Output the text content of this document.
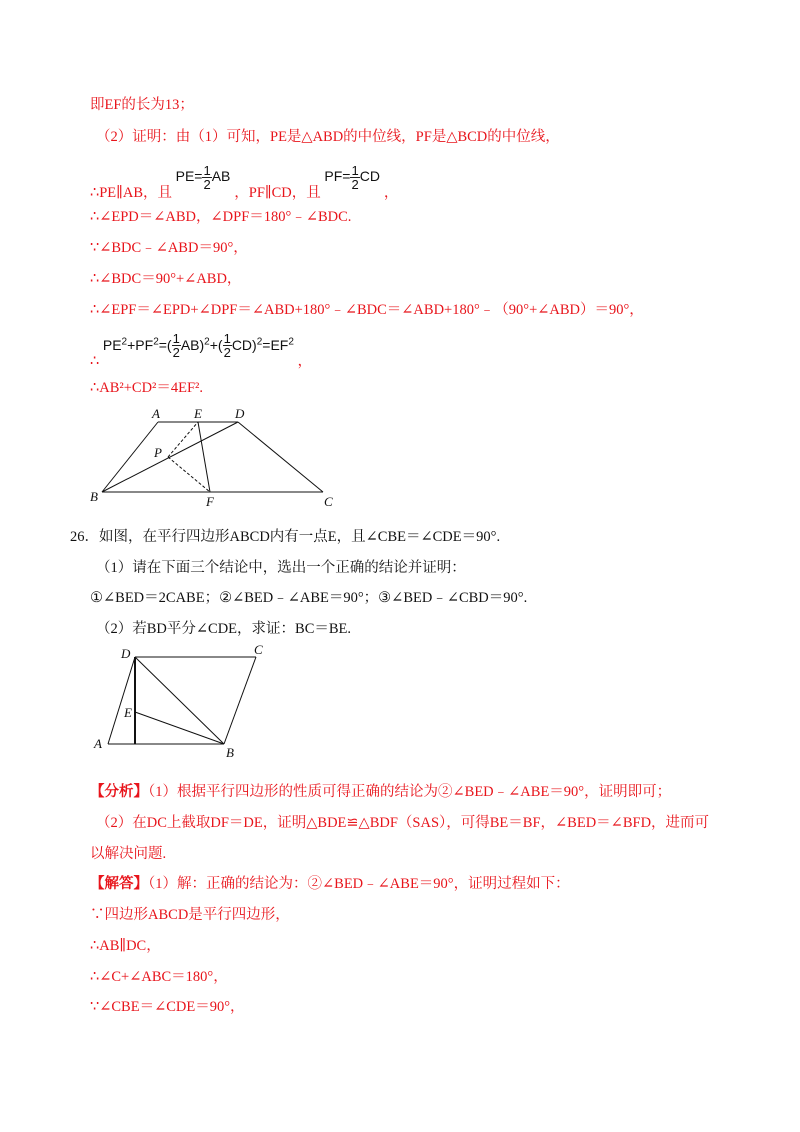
即EF的长为13；
（2）证明：由（1）可知，PE是△ABD的中位线，PF是△BCD的中位线，
∴PE∥AB，且 $PE= \frac{1}{2}$ AB ，PF∥CD，且 $PF= \frac{1}{2}$ CD ，
∴∠EPD＝∠ABD，∠DPF＝180°﹣∠BDC.
∵∠BDC﹣∠ABD＝90°，
∴∠BDC＝90°+∠ABD，
∴∠EPF＝∠EPD+∠DPF＝∠ABD+180°﹣∠BDC＝∠ABD+180°﹣（90°+∠ABD）＝90°，
∴ $PE^2+PF^2=( \frac{1}{2} AB)^2+( \frac{1}{2} CD)^2=EF^2$ ，
∴AB²+CD²＝4EF².
A	E	D
P
B	F	C
26．如图，在平行四边形ABCD内有一点E，且∠CBE＝∠CDE＝90°.
（1）请在下面三个结论中，选出一个正确的结论并证明：
①∠BED＝2CABE；②∠BED﹣∠ABE＝90°；③∠BED﹣∠CBD＝90°.
（2）若BD平分∠CDE，求证：BC＝BE.
D	C
E
A
B
【分析】（1）根据平行四边形的性质可得正确的结论为②∠BED﹣∠ABE＝90°，证明即可；
（2）在DC上截取DF＝DE，证明△BDE≌△BDF（SAS），可得BE＝BF，∠BED＝∠BFD，进而可
以解决问题.
【解答】（1）解：正确的结论为：②∠BED﹣∠ABE＝90°，证明过程如下：
∵四边形ABCD是平行四边形，
∴AB∥DC，
∴∠C+∠ABC＝180°，
∵∠CBE＝∠CDE＝90°，
